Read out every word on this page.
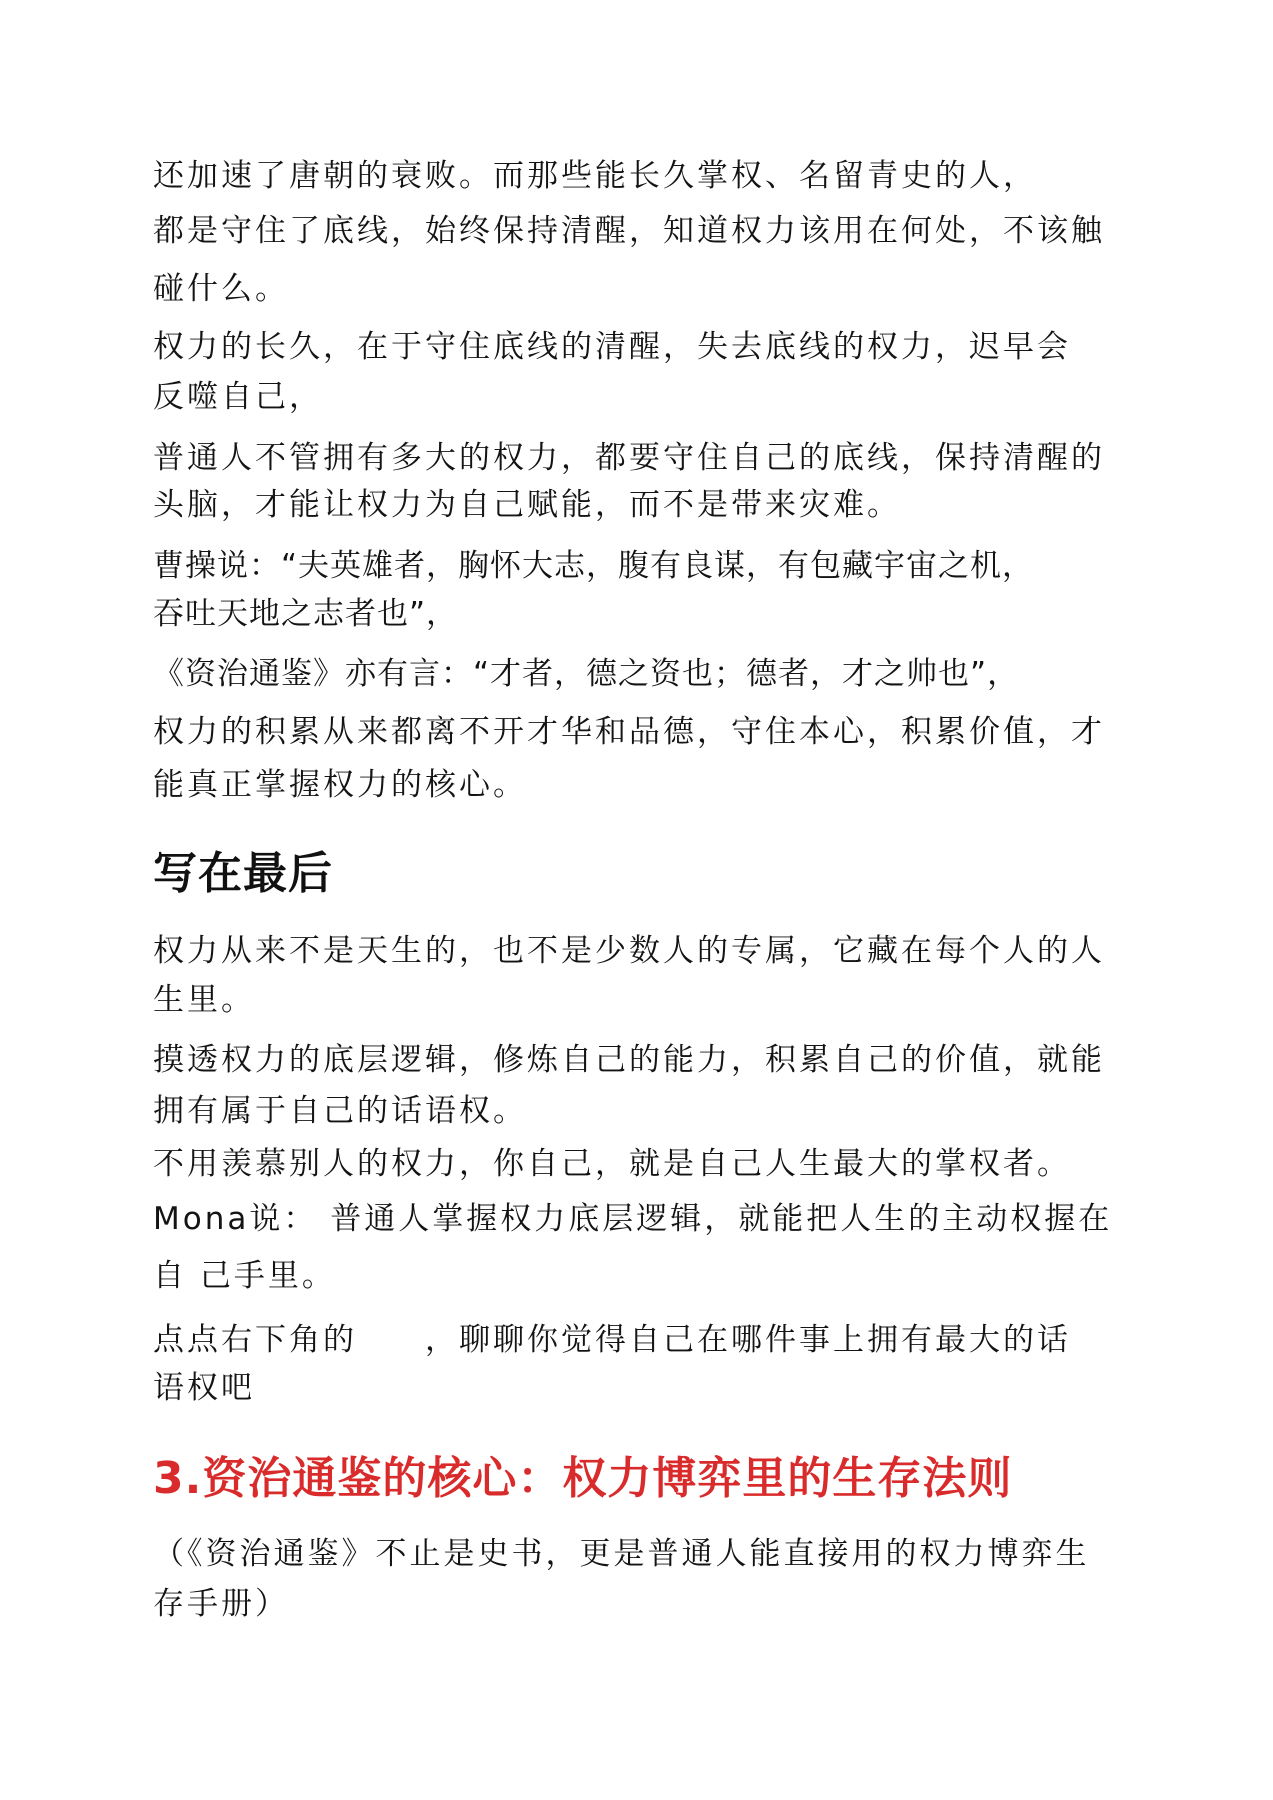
还加速了唐朝的衰败。而那些能长久掌权、名留青史的人，

都是守住了底线，始终保持清醒，知道权力该用在何处，不该触

碰什么。

权力的长久，在于守住底线的清醒，失去底线的权力，迟早会

反噬自己，

普通人不管拥有多大的权力，都要守住自己的底线，保持清醒的

头脑，才能让权力为自己赋能，而不是带来灾难。

曹操说：“夫英雄者，胸怀大志，腹有良谋，有包藏宇宙之机，

吞吐天地之志者也”，

《资治通鉴》亦有言：“才者，德之资也；德者，才之帅也”，

权力的积累从来都离不开才华和品德，守住本心，积累价值，才

能真正掌握权力的核心。

写在最后

权力从来不是天生的，也不是少数人的专属，它藏在每个人的人

生里。

摸透权力的底层逻辑，修炼自己的能力，积累自己的价值，就能

拥有属于自己的话语权。

不用羡慕别人的权力，你自己，就是自己人生最大的掌权者。

Mona说： 普通人掌握权力底层逻辑，就能把人生的主动权握在

自 己手里。

点点右下角的　　，聊聊你觉得自己在哪件事上拥有最大的话

语权吧

3.资治通鉴的核心：权力博弈里的生存法则

（《资治通鉴》不止是史书，更是普通人能直接用的权力博弈生

存手册）
